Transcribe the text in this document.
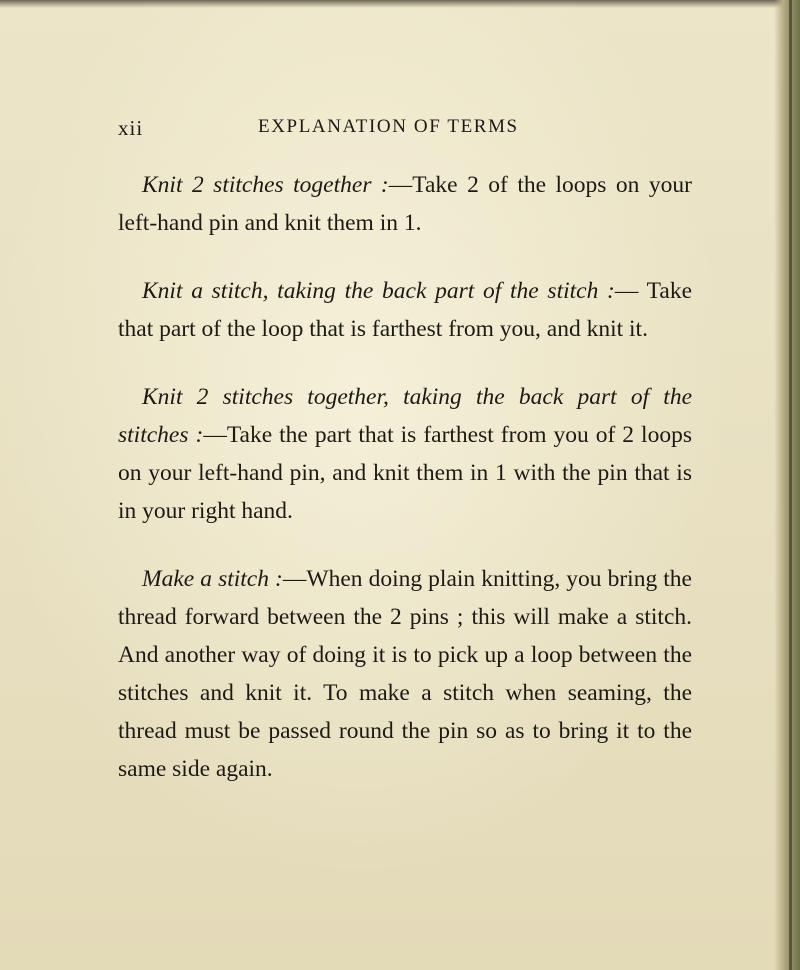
xii	EXPLANATION OF TERMS

Knit 2 stitches together :—Take 2 of the loops on your left-hand pin and knit them in 1.

Knit a stitch, taking the back part of the stitch :— Take that part of the loop that is farthest from you, and knit it.

Knit 2 stitches together, taking the back part of the stitches :—Take the part that is farthest from you of 2 loops on your left-hand pin, and knit them in 1 with the pin that is in your right hand.

Make a stitch :—When doing plain knitting, you bring the thread forward between the 2 pins ; this will make a stitch. And another way of doing it is to pick up a loop between the stitches and knit it. To make a stitch when seaming, the thread must be passed round the pin so as to bring it to the same side again.
